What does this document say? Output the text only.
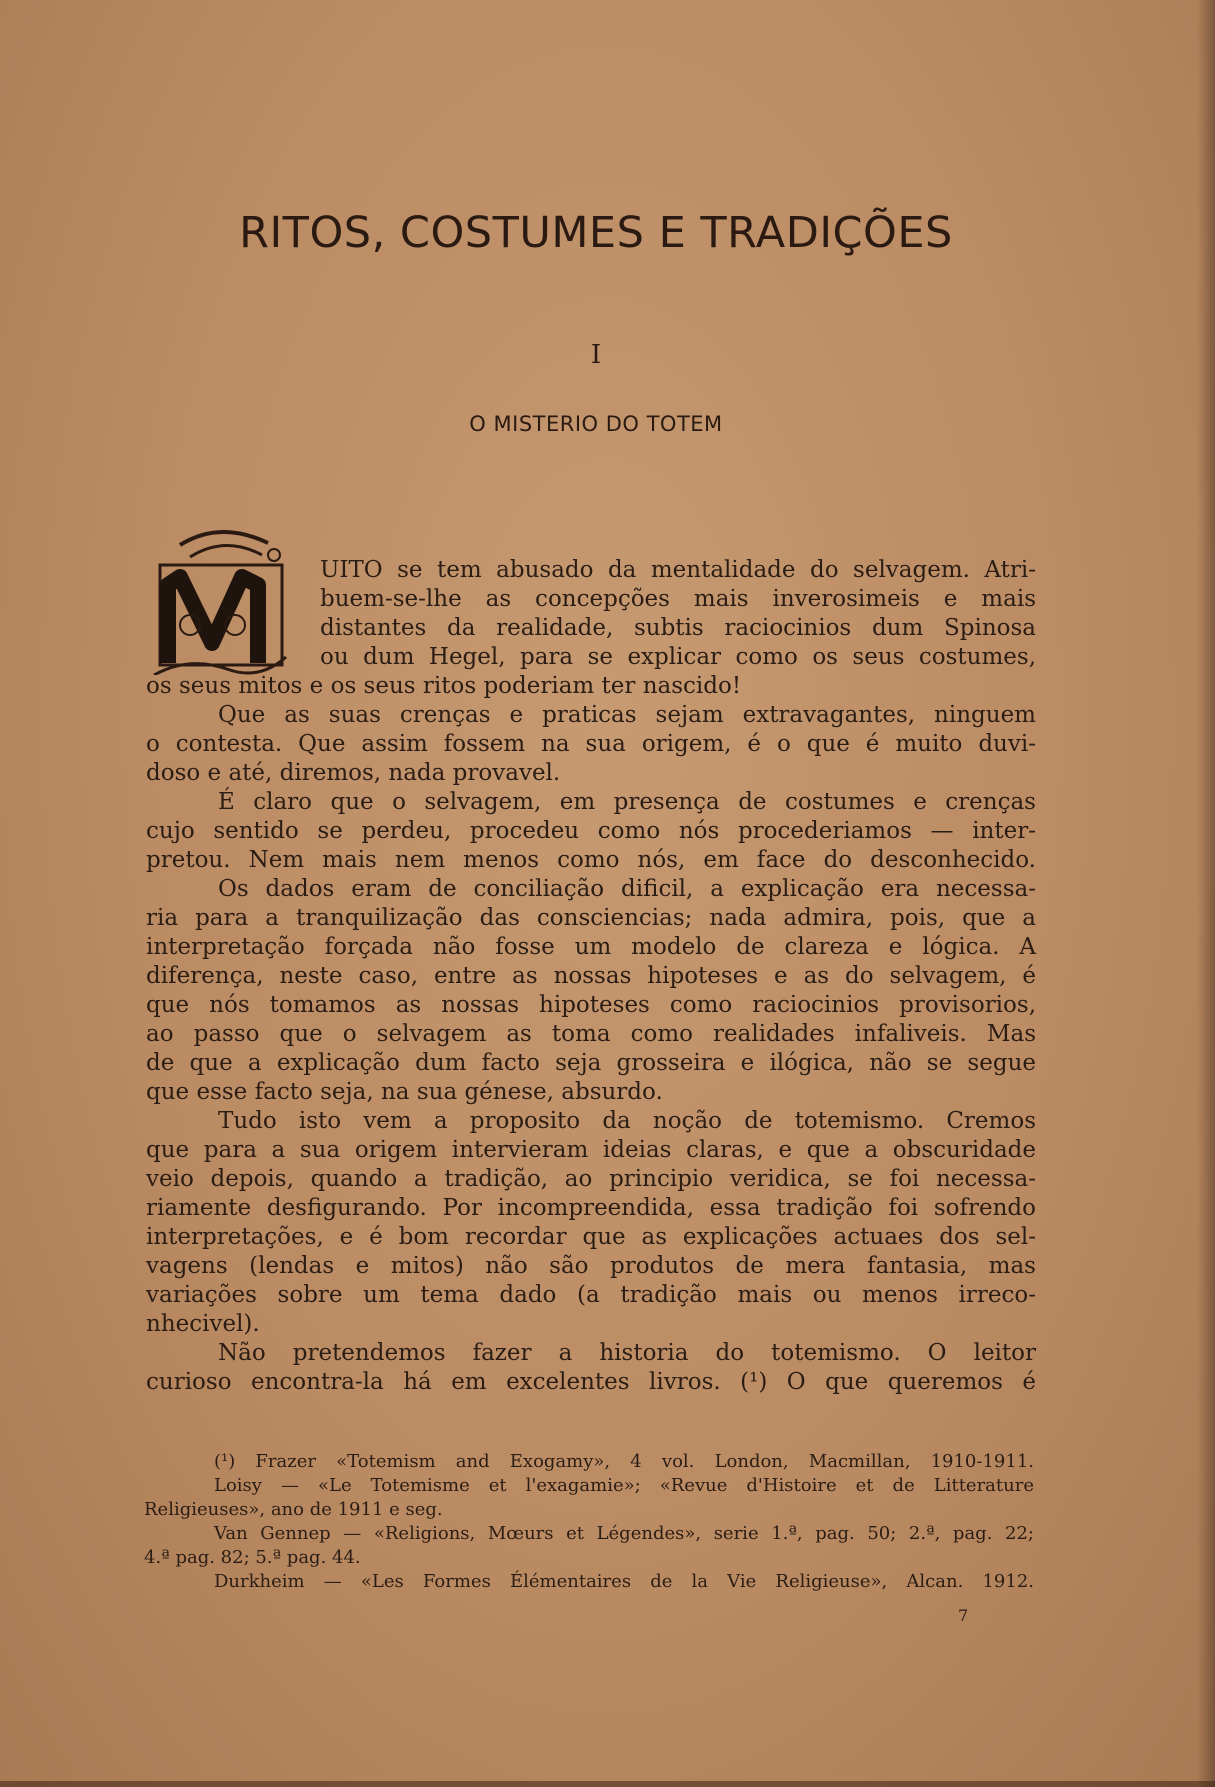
RITOS, COSTUMES E TRADIÇÕES
I
O MISTERIO DO TOTEM
UITO se tem abusado da mentalidade do selvagem. Atri-
buem-se-lhe as concepções mais inverosimeis e mais
distantes da realidade, subtis raciocinios dum Spinosa
ou dum Hegel, para se explicar como os seus costumes,
os seus mitos e os seus ritos poderiam ter nascido!
Que as suas crenças e praticas sejam extravagantes, ninguem
o contesta. Que assim fossem na sua origem, é o que é muito duvi-
doso e até, diremos, nada provavel.
É claro que o selvagem, em presença de costumes e crenças
cujo sentido se perdeu, procedeu como nós procederiamos — inter-
pretou. Nem mais nem menos como nós, em face do desconhecido.
Os dados eram de conciliação dificil, a explicação era necessa-
ria para a tranquilização das consciencias; nada admira, pois, que a
interpretação forçada não fosse um modelo de clareza e lógica. A
diferença, neste caso, entre as nossas hipoteses e as do selvagem, é
que nós tomamos as nossas hipoteses como raciocinios provisorios,
ao passo que o selvagem as toma como realidades infaliveis. Mas
de que a explicação dum facto seja grosseira e ilógica, não se segue
que esse facto seja, na sua génese, absurdo.
Tudo isto vem a proposito da noção de totemismo. Cremos
que para a sua origem intervieram ideias claras, e que a obscuridade
veio depois, quando a tradição, ao principio veridica, se foi necessa-
riamente desfigurando. Por incompreendida, essa tradição foi sofrendo
interpretações, e é bom recordar que as explicações actuaes dos sel-
vagens (lendas e mitos) não são produtos de mera fantasia, mas
variações sobre um tema dado (a tradição mais ou menos irreco-
nhecivel).
Não pretendemos fazer a historia do totemismo. O leitor
curioso encontra-la há em excelentes livros. (¹) O que queremos é
(¹) Frazer «Totemism and Exogamy», 4 vol. London, Macmillan, 1910-1911.
Loisy — «Le Totemisme et l'exagamie»; «Revue d'Histoire et de Litterature
Religieuses», ano de 1911 e seg.
Van Gennep — «Religions, Mœurs et Légendes», serie 1.ª, pag. 50; 2.ª, pag. 22;
4.ª pag. 82; 5.ª pag. 44.
Durkheim — «Les Formes Élémentaires de la Vie Religieuse», Alcan. 1912.
7
